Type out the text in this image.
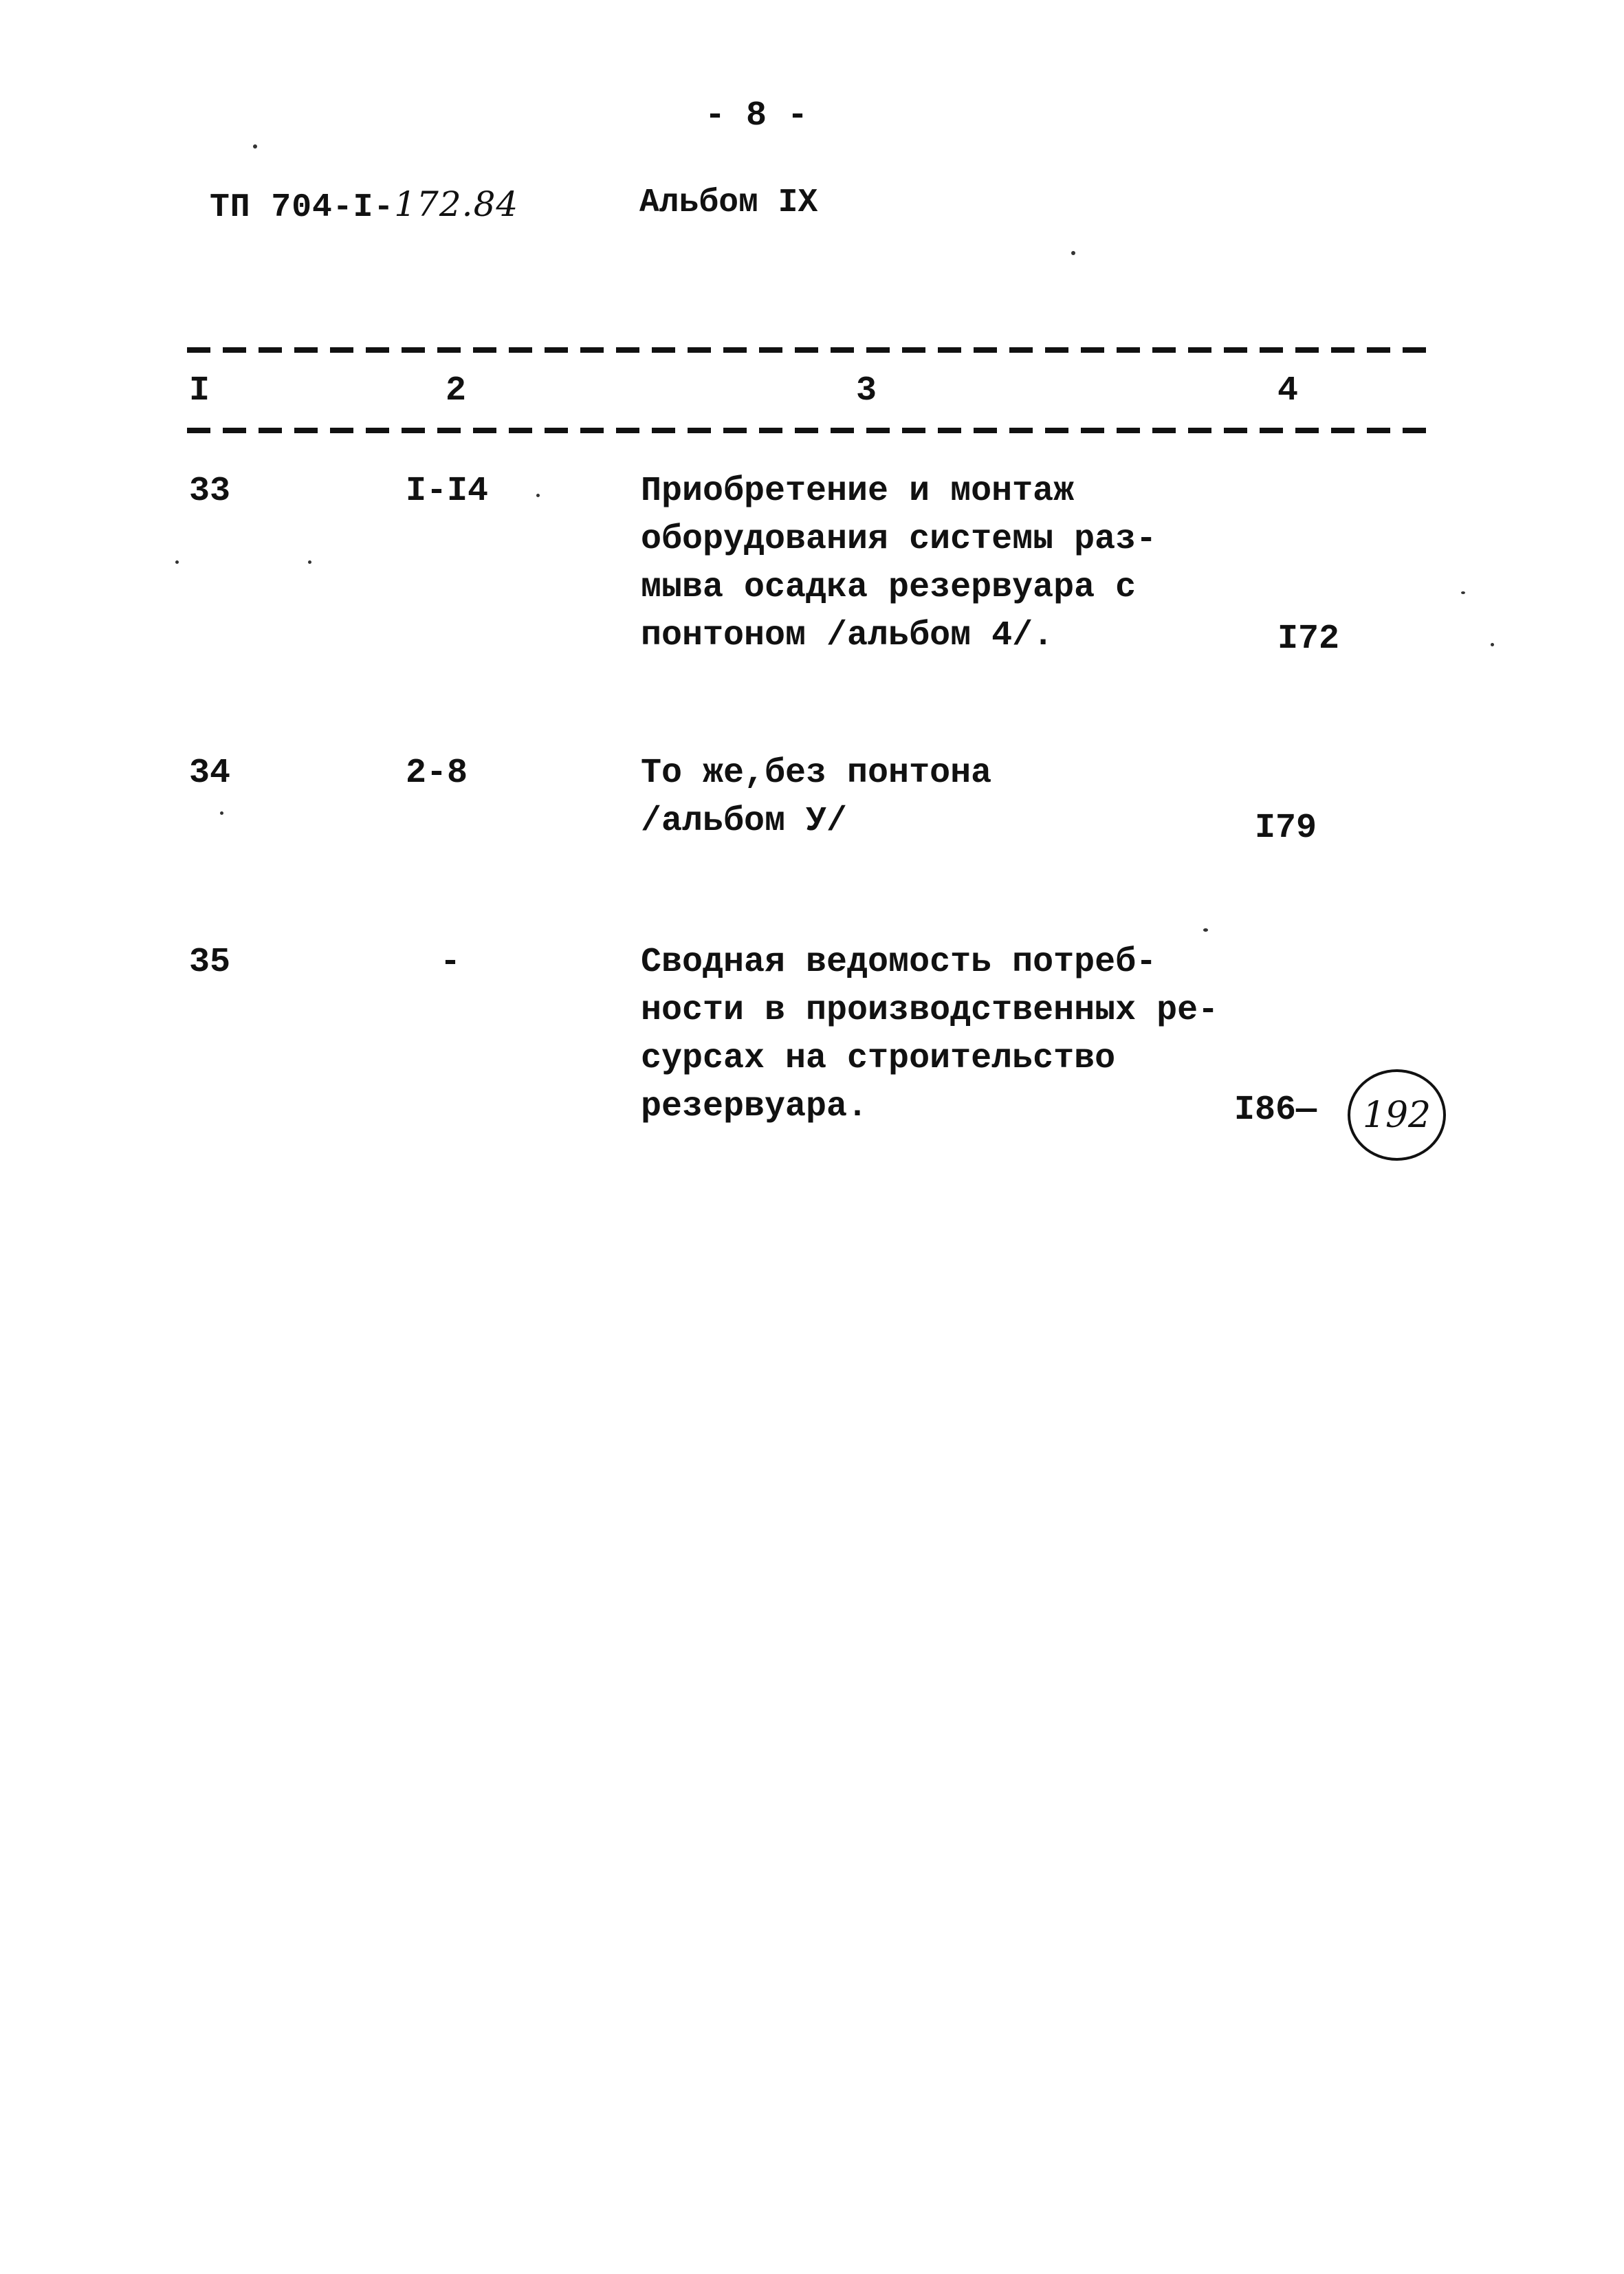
- 8 -
ТП 704-I-172.84	Альбом IX
I	2	3	4
33	I-I4	Приобретение и монтаж
оборудования системы раз-
мыва осадка резервуара с
понтоном /альбом 4/.	I72
34	2-8	То же,без понтона
/альбом У/	I79
35	-	Сводная ведомость потреб-
ности в производственных ре-
сурсах на строительство
резервуара.	I86—	192
